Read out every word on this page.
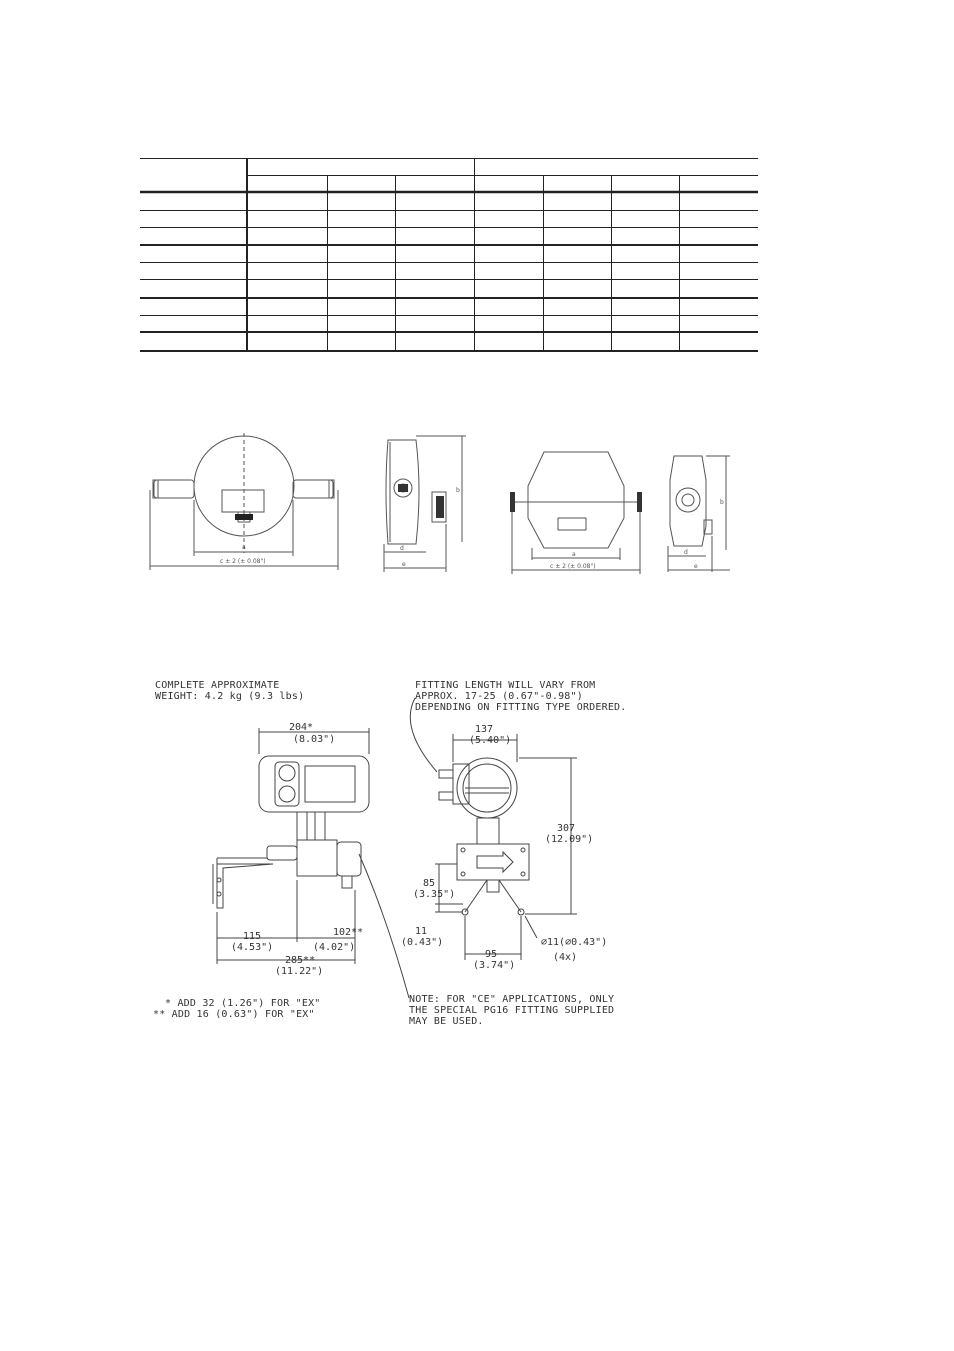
a
c ± 2 (± 0.08")
b
d
e
a
c ± 2 (± 0.08")
b
d
e
COMPLETE APPROXIMATE
WEIGHT: 4.2 kg (9.3 lbs)
FITTING LENGTH WILL VARY FROM
APPROX. 17-25 (0.67"-0.98")
DEPENDING ON FITTING TYPE ORDERED.
204*
(8.03")
137
(5.40")
307
(12.09")
85
(3.35")
11
(0.43")
115
(4.53")
102**
(4.02")
285**
(11.22")
95
(3.74")
⌀11(⌀0.43")
(4x)
* ADD 32 (1.26") FOR "EX"
** ADD 16 (0.63") FOR "EX"
NOTE: FOR "CE" APPLICATIONS, ONLY
THE SPECIAL PG16 FITTING SUPPLIED
MAY BE USED.
